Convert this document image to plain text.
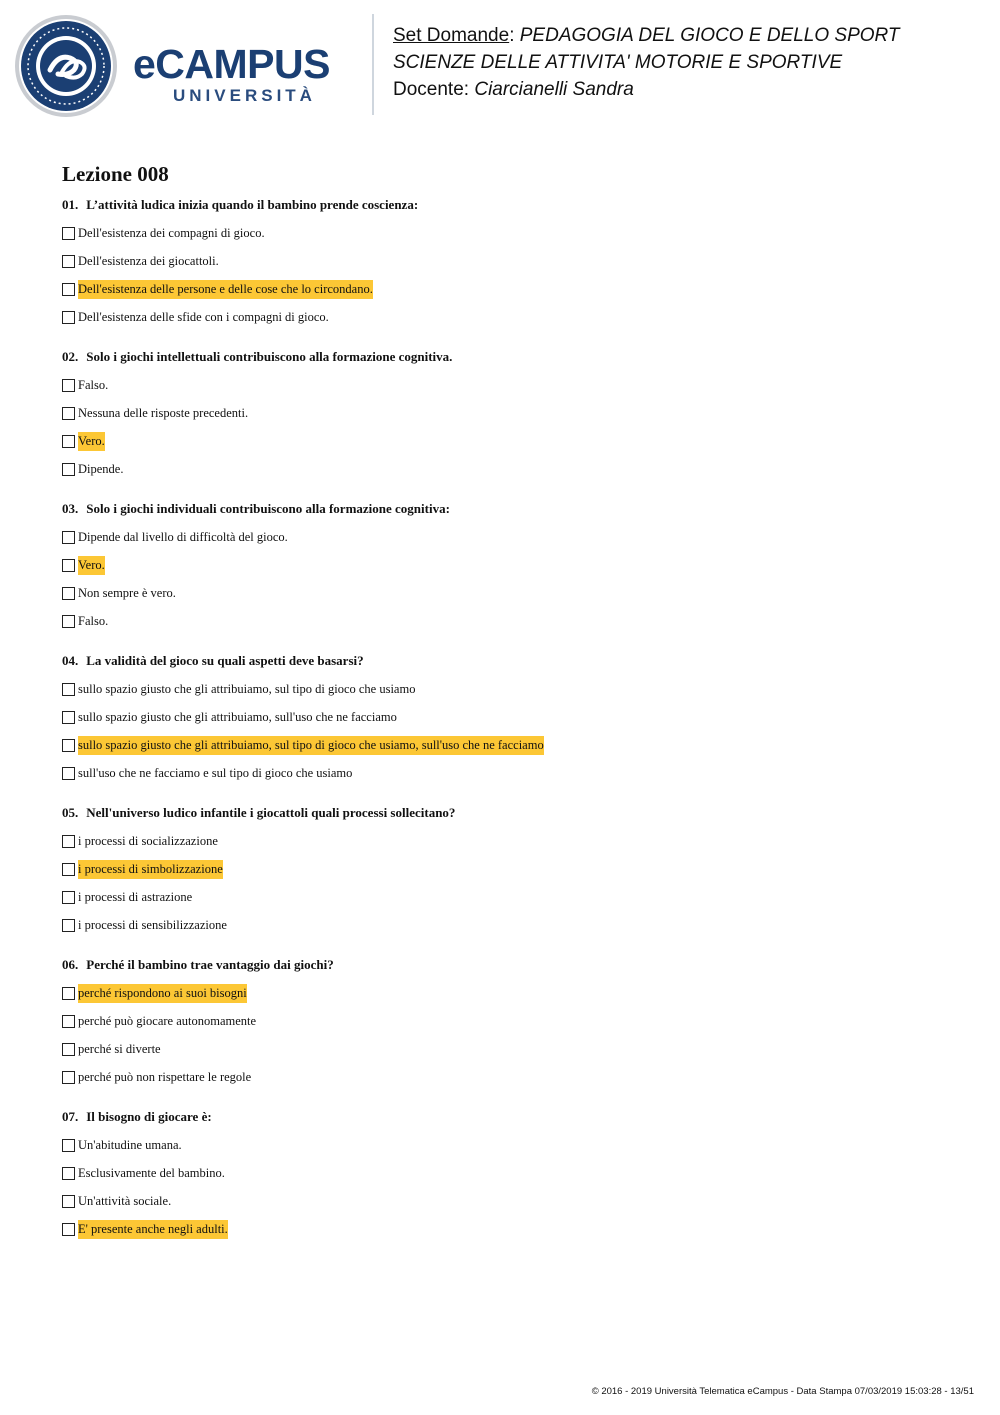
eCAMPUS
UNIVERSITÀ
Set Domande: PEDAGOGIA DEL GIOCO E DELLO SPORT
SCIENZE DELLE ATTIVITA' MOTORIE E SPORTIVE
Docente: Ciarcianelli Sandra
Lezione 008
01. L’attività ludica inizia quando il bambino prende coscienza:
Dell'esistenza dei compagni di gioco.
Dell'esistenza dei giocattoli.
Dell'esistenza delle persone e delle cose che lo circondano.
Dell'esistenza delle sfide con i compagni di gioco.
02. Solo i giochi intellettuali contribuiscono alla formazione cognitiva.
Falso.
Nessuna delle risposte precedenti.
Vero.
Dipende.
03. Solo i giochi individuali contribuiscono alla formazione cognitiva:
Dipende dal livello di difficoltà del gioco.
Vero.
Non sempre è vero.
Falso.
04. La validità del gioco su quali aspetti deve basarsi?
sullo spazio giusto che gli attribuiamo, sul tipo di gioco che usiamo
sullo spazio giusto che gli attribuiamo, sull'uso che ne facciamo
sullo spazio giusto che gli attribuiamo, sul tipo di gioco che usiamo, sull'uso che ne facciamo
sull'uso che ne facciamo e sul tipo di gioco che usiamo
05. Nell'universo ludico infantile i giocattoli quali processi sollecitano?
i processi di socializzazione
i processi di simbolizzazione
i processi di astrazione
i processi di sensibilizzazione
06. Perché il bambino trae vantaggio dai giochi?
perché rispondono ai suoi bisogni
perché può giocare autonomamente
perché si diverte
perché può non rispettare le regole
07. Il bisogno di giocare è:
Un'abitudine umana.
Esclusivamente del bambino.
Un'attività sociale.
E' presente anche negli adulti.
© 2016 - 2019 Università Telematica eCampus - Data Stampa 07/03/2019 15:03:28 - 13/51
